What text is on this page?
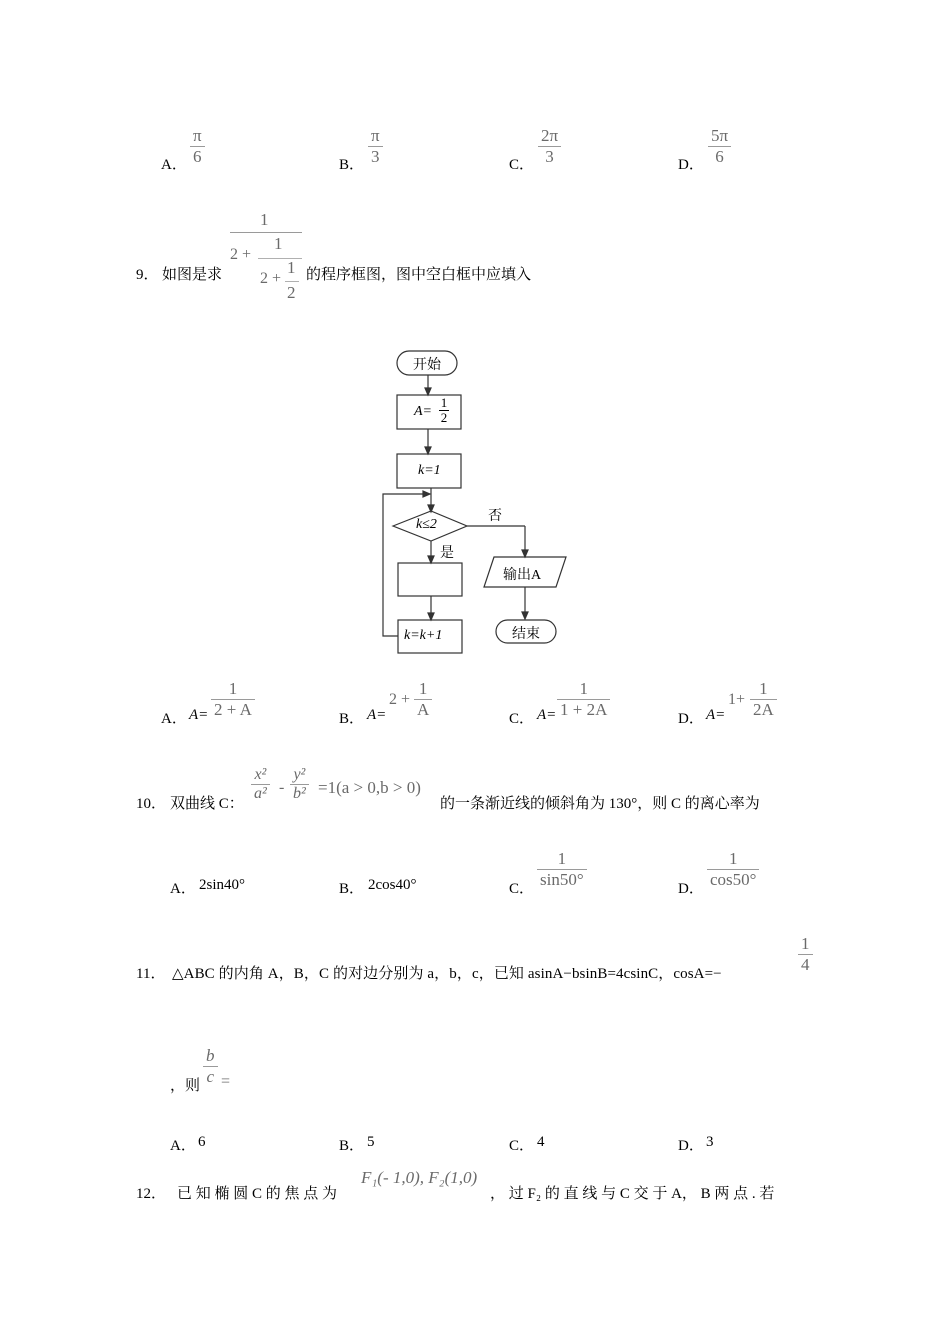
A．
π
6	B．
π
3	C．
2π
3	D．
5π
6
9． 如图是求
1
2 +
1
2 +
1
2
的程序框图，图中空白框中应填入
开始
A=
1
2
k=1
k≤2
否
是
k=k+1
输出A
结束
A． A=
1
2 + A	B． A=
2 +
1
A	C． A=
1
1 + 2A	D． A=
1+
1
2A
10． 双曲线 C：
x²
a² -
y²
b² =1(a > 0,b > 0)
的一条渐近线的倾斜角为 130°，则 C 的离心率为
A． 2sin40°	B． 2cos40°	C．
1
sin50°	D．
1
cos50°
11． △ABC 的内角 A，B，C 的对边分别为 a，b，c，已知 asinA−bsinB=4csinC，cosA=−
1
4
，则
b
c =
A． 6	B． 5	C． 4	D． 3
12． 已 知 椭 圆 C 的 焦 点 为
F₁(- 1,0), F₂(1,0)
， 过 F₂ 的 直 线 与 C 交 于 A， B 两 点 . 若
